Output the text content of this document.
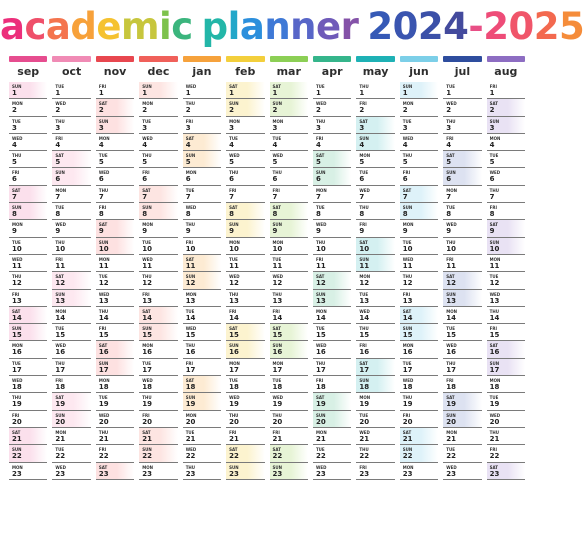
academic planner 2024-2025
sep
SUN
1
MON
2
TUE
3
WED
4
THU
5
FRI
6
SAT
7
SUN
8
MON
9
TUE
10
WED
11
THU
12
FRI
13
SAT
14
SUN
15
MON
16
TUE
17
WED
18
THU
19
FRI
20
SAT
21
SUN
22
MON
23
oct
TUE
1
WED
2
THU
3
FRI
4
SAT
5
SUN
6
MON
7
TUE
8
WED
9
THU
10
FRI
11
SAT
12
SUN
13
MON
14
TUE
15
WED
16
THU
17
FRI
18
SAT
19
SUN
20
MON
21
TUE
22
WED
23
nov
FRI
1
SAT
2
SUN
3
MON
4
TUE
5
WED
6
THU
7
FRI
8
SAT
9
SUN
10
MON
11
TUE
12
WED
13
THU
14
FRI
15
SAT
16
SUN
17
MON
18
TUE
19
WED
20
THU
21
FRI
22
SAT
23
dec
SUN
1
MON
2
TUE
3
WED
4
THU
5
FRI
6
SAT
7
SUN
8
MON
9
TUE
10
WED
11
THU
12
FRI
13
SAT
14
SUN
15
MON
16
TUE
17
WED
18
THU
19
FRI
20
SAT
21
SUN
22
MON
23
jan
WED
1
THU
2
FRI
3
SAT
4
SUN
5
MON
6
TUE
7
WED
8
THU
9
FRI
10
SAT
11
SUN
12
MON
13
TUE
14
WED
15
THU
16
FRI
17
SAT
18
SUN
19
MON
20
TUE
21
WED
22
THU
23
feb
SAT
1
SUN
2
MON
3
TUE
4
WED
5
THU
6
FRI
7
SAT
8
SUN
9
MON
10
TUE
11
WED
12
THU
13
FRI
14
SAT
15
SUN
16
MON
17
TUE
18
WED
19
THU
20
FRI
21
SAT
22
SUN
23
mar
SAT
1
SUN
2
MON
3
TUE
4
WED
5
THU
6
FRI
7
SAT
8
SUN
9
MON
10
TUE
11
WED
12
THU
13
FRI
14
SAT
15
SUN
16
MON
17
TUE
18
WED
19
THU
20
FRI
21
SAT
22
SUN
23
apr
TUE
1
WED
2
THU
3
FRI
4
SAT
5
SUN
6
MON
7
TUE
8
WED
9
THU
10
FRI
11
SAT
12
SUN
13
MON
14
TUE
15
WED
16
THU
17
FRI
18
SAT
19
SUN
20
MON
21
TUE
22
WED
23
may
THU
1
FRI
2
SAT
3
SUN
4
MON
5
TUE
6
WED
7
THU
8
FRI
9
SAT
10
SUN
11
MON
12
TUE
13
WED
14
THU
15
FRI
16
SAT
17
SUN
18
MON
19
TUE
20
WED
21
THU
22
FRI
23
jun
SUN
1
MON
2
TUE
3
WED
4
THU
5
FRI
6
SAT
7
SUN
8
MON
9
TUE
10
WED
11
THU
12
FRI
13
SAT
14
SUN
15
MON
16
TUE
17
WED
18
THU
19
FRI
20
SAT
21
SUN
22
MON
23
jul
TUE
1
WED
2
THU
3
FRI
4
SAT
5
SUN
6
MON
7
TUE
8
WED
9
THU
10
FRI
11
SAT
12
SUN
13
MON
14
TUE
15
WED
16
THU
17
FRI
18
SAT
19
SUN
20
MON
21
TUE
22
WED
23
aug
FRI
1
SAT
2
SUN
3
MON
4
TUE
5
WED
6
THU
7
FRI
8
SAT
9
SUN
10
MON
11
TUE
12
WED
13
THU
14
FRI
15
SAT
16
SUN
17
MON
18
TUE
19
WED
20
THU
21
FRI
22
SAT
23
